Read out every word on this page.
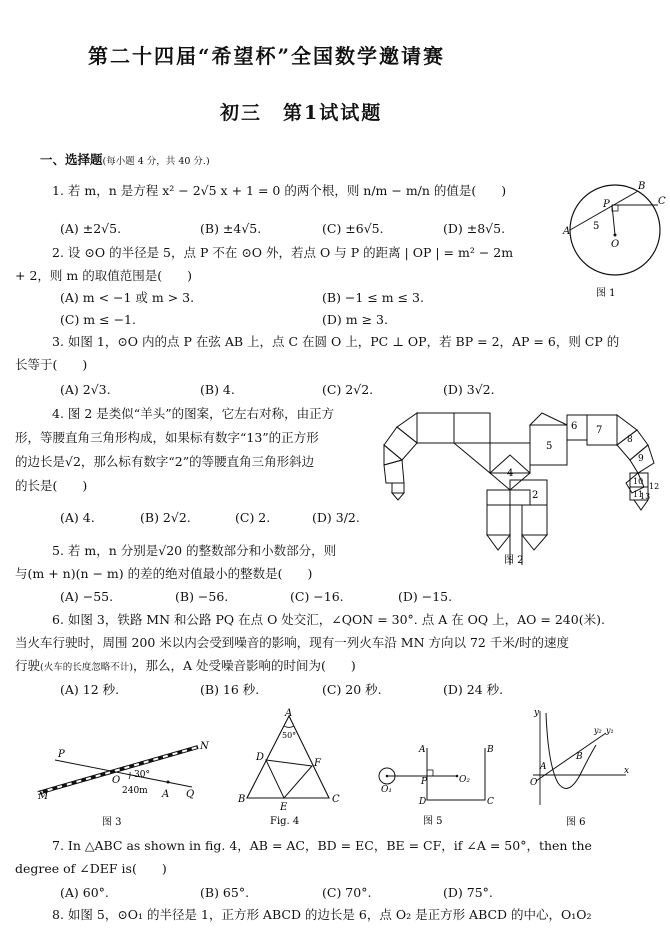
第二十四届“希望杯”全国数学邀请赛
初三　第1试试题
一、选择题(每小题 4 分，共 40 分.)
1. 若 m，n 是方程 x² − 2√5 x + 1 = 0 的两个根，则 n/m − m/n 的值是(　　)
(A) ±2√5.	(B) ±4√5.	(C) ±6√5.	(D) ±8√5.
2. 设 ⊙O 的半径是 5，点 P 不在 ⊙O 外，若点 O 与 P 的距离 | OP | = m² − 2m
+ 2，则 m 的取值范围是(　　)
(A) m < −1 或 m > 3.	(B) −1 ≤ m ≤ 3.
(C) m ≤ −1.	(D) m ≥ 3.
A
B
C
P
O
5
图 1
3. 如图 1，⊙O 内的点 P 在弦 AB 上，点 C 在圆 O 上，PC ⊥ OP，若 BP = 2，AP = 6，则 CP 的
长等于(　　)
(A) 2√3.	(B) 4.	(C) 2√2.	(D) 3√2.
4. 图 2 是类似“羊头”的图案，它左右对称，由正方
形，等腰直角三角形构成，如果标有数字“13”的正方形
的边长是√2，那么标有数字“2”的等腰直角三角形斜边
的长是(　　)
(A) 4.	(B) 2√2.	(C) 2.	(D) 3/2.
6 7
5
8
9
10
11
4
2
12
13
图 2
5. 若 m，n 分别是√20 的整数部分和小数部分，则
与(m + n)(n − m) 的差的绝对值最小的整数是(　　)
(A) −55.	(B) −56.	(C) −16.	(D) −15.
6. 如图 3，铁路 MN 和公路 PQ 在点 O 处交汇，∠QON = 30°. 点 A 在 OQ 上，AO = 240(米).
当火车行驶时，周围 200 米以内会受到噪音的影响，现有一列火车沿 MN 方向以 72 千米/时的速度
行驶(火车的长度忽略不计)，那么，A 处受噪音影响的时间为(　　)
(A) 12 秒.	(B) 16 秒.	(C) 20 秒.	(D) 24 秒.
P
N
M
O 30°
240m A Q
图 3
A
50°
D
F
B
E
C
Fig. 4
A	B
D	C
P
O₁
O₂
图 5
y
y₂ y₁
B
A
O
x
图 6
7. In △ABC as shown in fig. 4，AB = AC，BD = EC，BE = CF，if ∠A = 50°，then the
degree of ∠DEF is(　　)
(A) 60°.	(B) 65°.	(C) 70°.	(D) 75°.
8. 如图 5，⊙O₁ 的半径是 1，正方形 ABCD 的边长是 6，点 O₂ 是正方形 ABCD 的中心，O₁O₂
